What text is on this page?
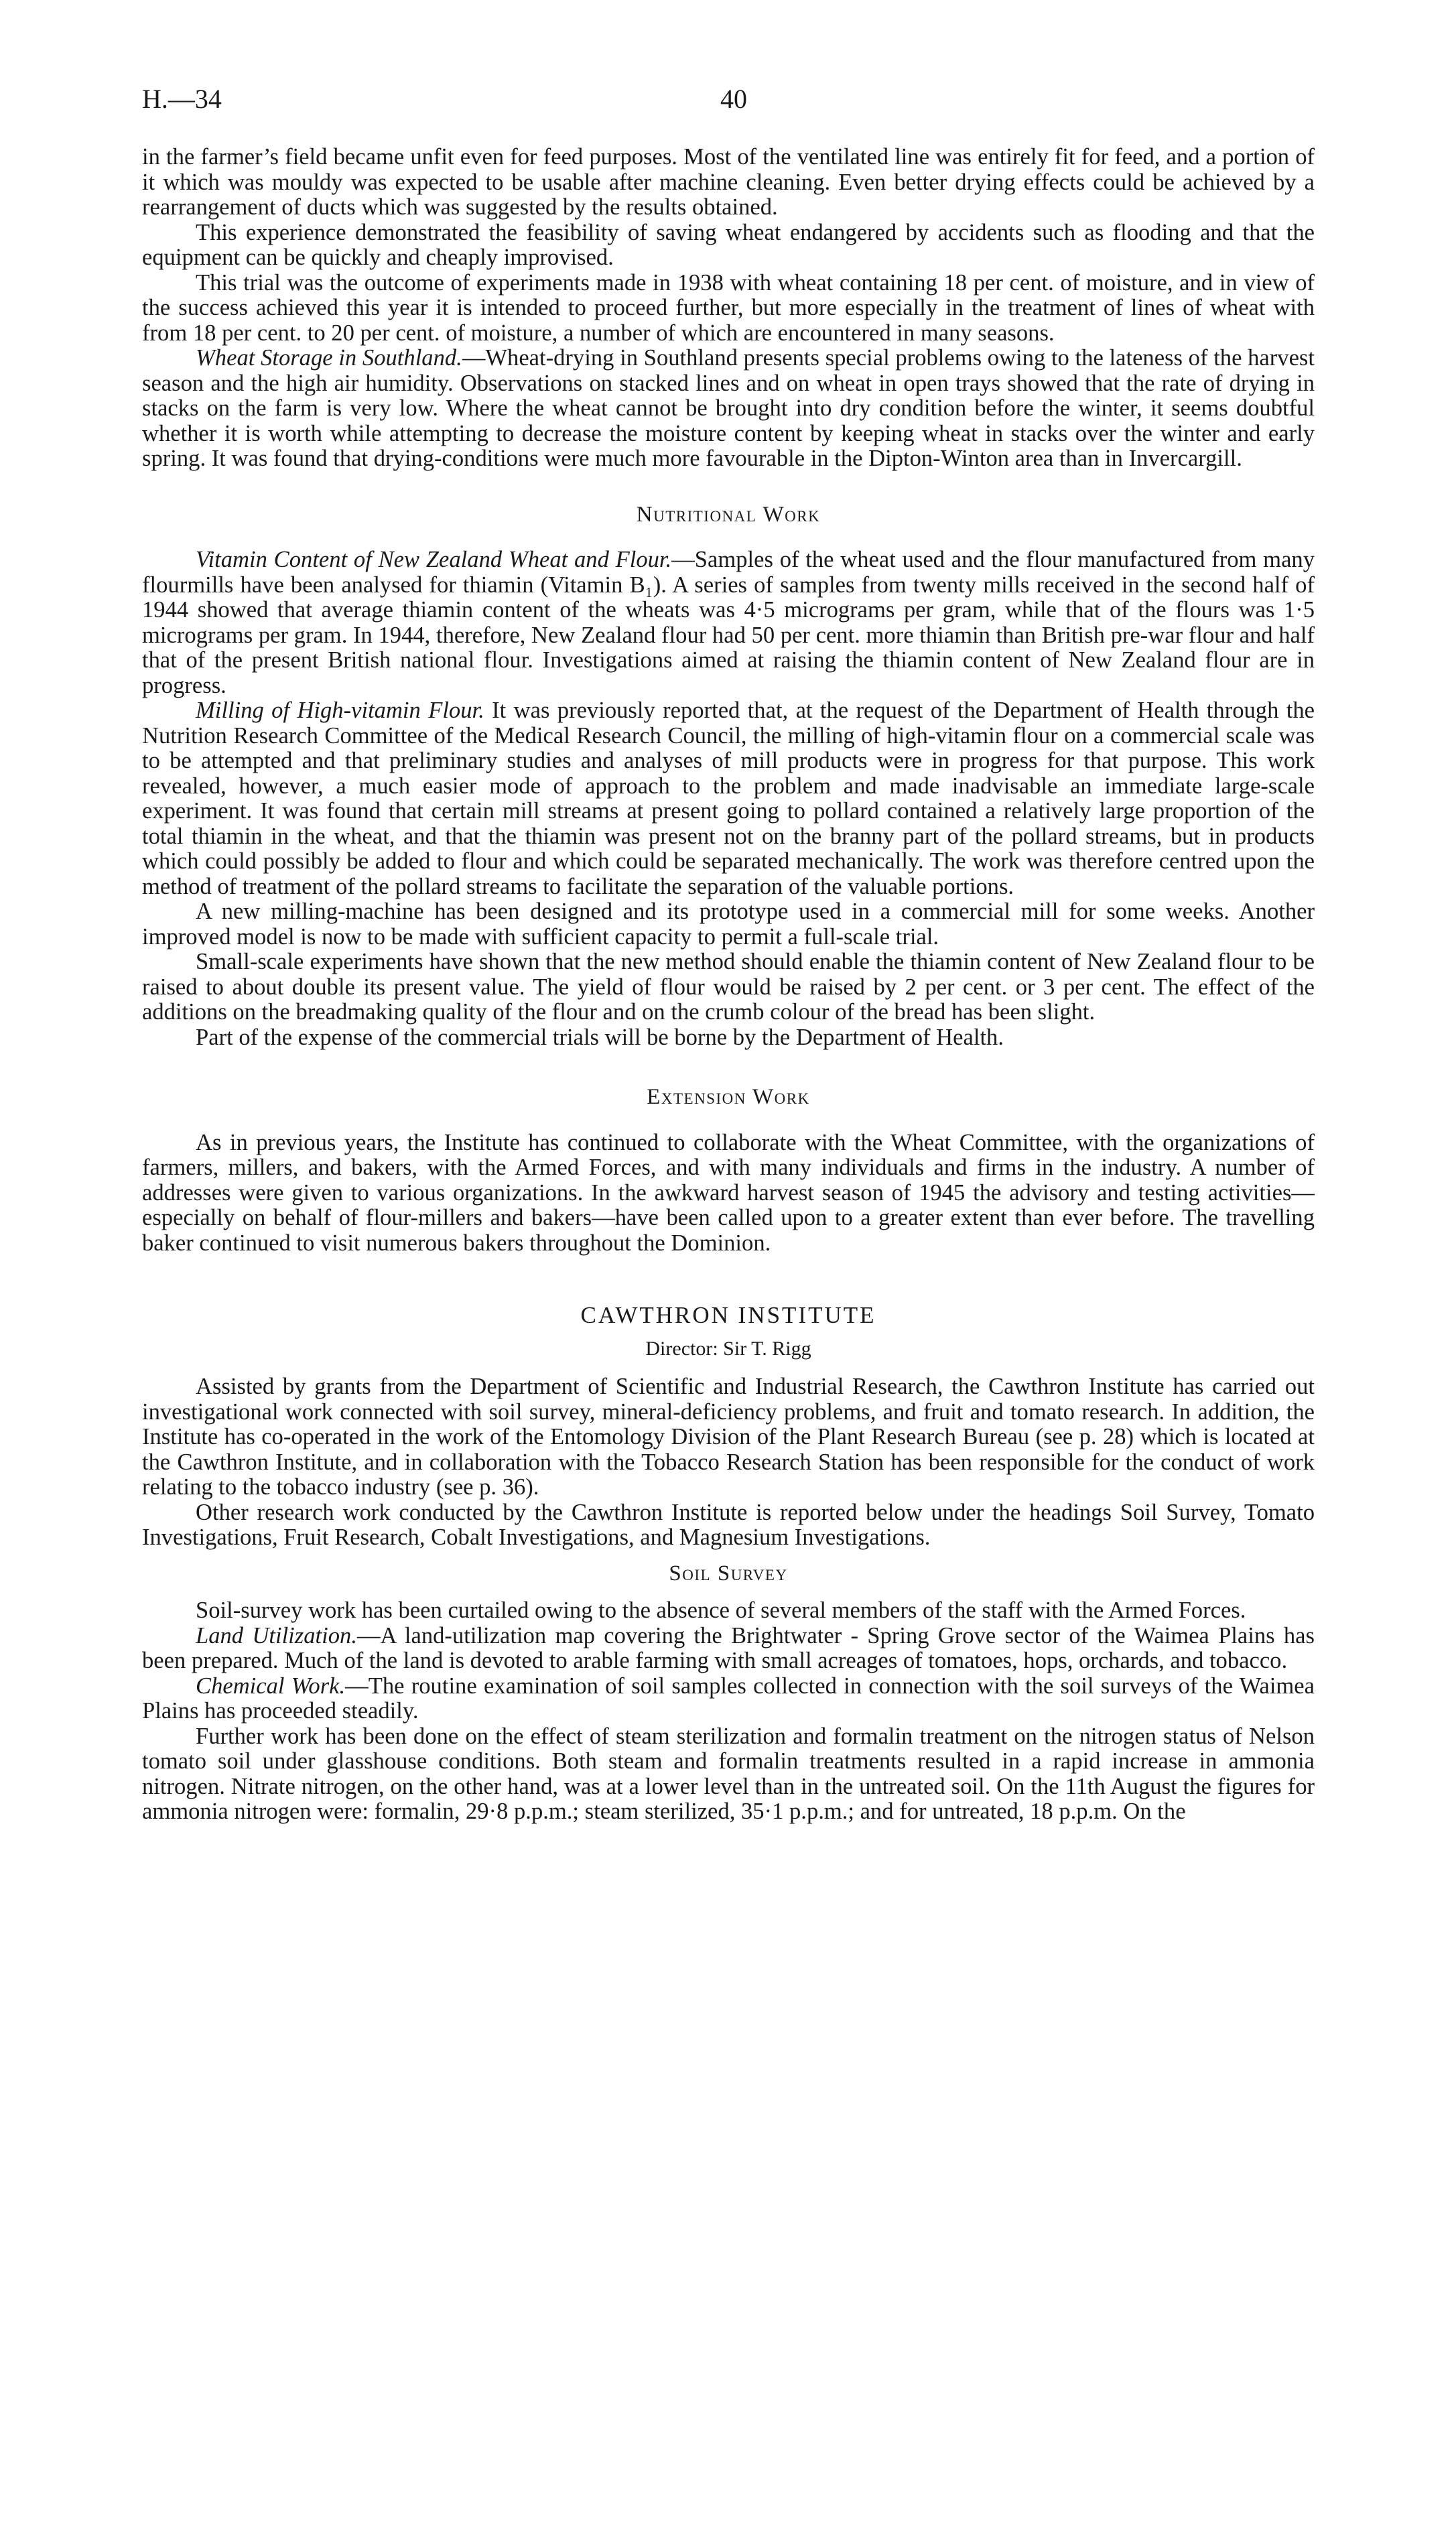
H.—34	40

in the farmer’s field became unfit even for feed purposes. Most of the ventilated line was entirely fit for feed, and a portion of it which was mouldy was expected to be usable after machine cleaning. Even better drying effects could be achieved by a rearrangement of ducts which was suggested by the results obtained.

This experience demonstrated the feasibility of saving wheat endangered by accidents such as flooding and that the equipment can be quickly and cheaply improvised.

This trial was the outcome of experiments made in 1938 with wheat containing 18 per cent. of moisture, and in view of the success achieved this year it is intended to proceed further, but more especially in the treatment of lines of wheat with from 18 per cent. to 20 per cent. of moisture, a number of which are encountered in many seasons.

Wheat Storage in Southland.—Wheat-drying in Southland presents special problems owing to the lateness of the harvest season and the high air humidity. Observations on stacked lines and on wheat in open trays showed that the rate of drying in stacks on the farm is very low. Where the wheat cannot be brought into dry condition before the winter, it seems doubtful whether it is worth while attempting to decrease the moisture content by keeping wheat in stacks over the winter and early spring. It was found that drying-conditions were much more favourable in the Dipton-Winton area than in Invercargill.

Nutritional Work

Vitamin Content of New Zealand Wheat and Flour.—Samples of the wheat used and the flour manufactured from many flourmills have been analysed for thiamin (Vitamin B₁). A series of samples from twenty mills received in the second half of 1944 showed that average thiamin content of the wheats was 4·5 micrograms per gram, while that of the flours was 1·5 micrograms per gram. In 1944, therefore, New Zealand flour had 50 per cent. more thiamin than British pre-war flour and half that of the present British national flour. Investigations aimed at raising the thiamin content of New Zealand flour are in progress.

Milling of High-vitamin Flour. It was previously reported that, at the request of the Department of Health through the Nutrition Research Committee of the Medical Research Council, the milling of high-vitamin flour on a commercial scale was to be attempted and that preliminary studies and analyses of mill products were in progress for that purpose. This work revealed, however, a much easier mode of approach to the problem and made inadvisable an immediate large-scale experiment. It was found that certain mill streams at present going to pollard contained a relatively large proportion of the total thiamin in the wheat, and that the thiamin was present not on the branny part of the pollard streams, but in products which could possibly be added to flour and which could be separated mechanically. The work was therefore centred upon the method of treatment of the pollard streams to facilitate the separation of the valuable portions.

A new milling-machine has been designed and its prototype used in a commercial mill for some weeks. Another improved model is now to be made with sufficient capacity to permit a full-scale trial.

Small-scale experiments have shown that the new method should enable the thiamin content of New Zealand flour to be raised to about double its present value. The yield of flour would be raised by 2 per cent. or 3 per cent. The effect of the additions on the breadmaking quality of the flour and on the crumb colour of the bread has been slight.

Part of the expense of the commercial trials will be borne by the Department of Health.

Extension Work

As in previous years, the Institute has continued to collaborate with the Wheat Committee, with the organizations of farmers, millers, and bakers, with the Armed Forces, and with many individuals and firms in the industry. A number of addresses were given to various organizations. In the awkward harvest season of 1945 the advisory and testing activities—especially on behalf of flour-millers and bakers—have been called upon to a greater extent than ever before. The travelling baker continued to visit numerous bakers throughout the Dominion.

CAWTHRON INSTITUTE

Director: Sir T. Rigg

Assisted by grants from the Department of Scientific and Industrial Research, the Cawthron Institute has carried out investigational work connected with soil survey, mineral-deficiency problems, and fruit and tomato research. In addition, the Institute has co-operated in the work of the Entomology Division of the Plant Research Bureau (see p. 28) which is located at the Cawthron Institute, and in collaboration with the Tobacco Research Station has been responsible for the conduct of work relating to the tobacco industry (see p. 36).

Other research work conducted by the Cawthron Institute is reported below under the headings Soil Survey, Tomato Investigations, Fruit Research, Cobalt Investigations, and Magnesium Investigations.

Soil Survey

Soil-survey work has been curtailed owing to the absence of several members of the staff with the Armed Forces.

Land Utilization.—A land-utilization map covering the Brightwater - Spring Grove sector of the Waimea Plains has been prepared. Much of the land is devoted to arable farming with small acreages of tomatoes, hops, orchards, and tobacco.

Chemical Work.—The routine examination of soil samples collected in connection with the soil surveys of the Waimea Plains has proceeded steadily.

Further work has been done on the effect of steam sterilization and formalin treatment on the nitrogen status of Nelson tomato soil under glasshouse conditions. Both steam and formalin treatments resulted in a rapid increase in ammonia nitrogen. Nitrate nitrogen, on the other hand, was at a lower level than in the untreated soil. On the 11th August the figures for ammonia nitrogen were: formalin, 29·8 p.p.m.; steam sterilized, 35·1 p.p.m.; and for untreated, 18 p.p.m. On the
